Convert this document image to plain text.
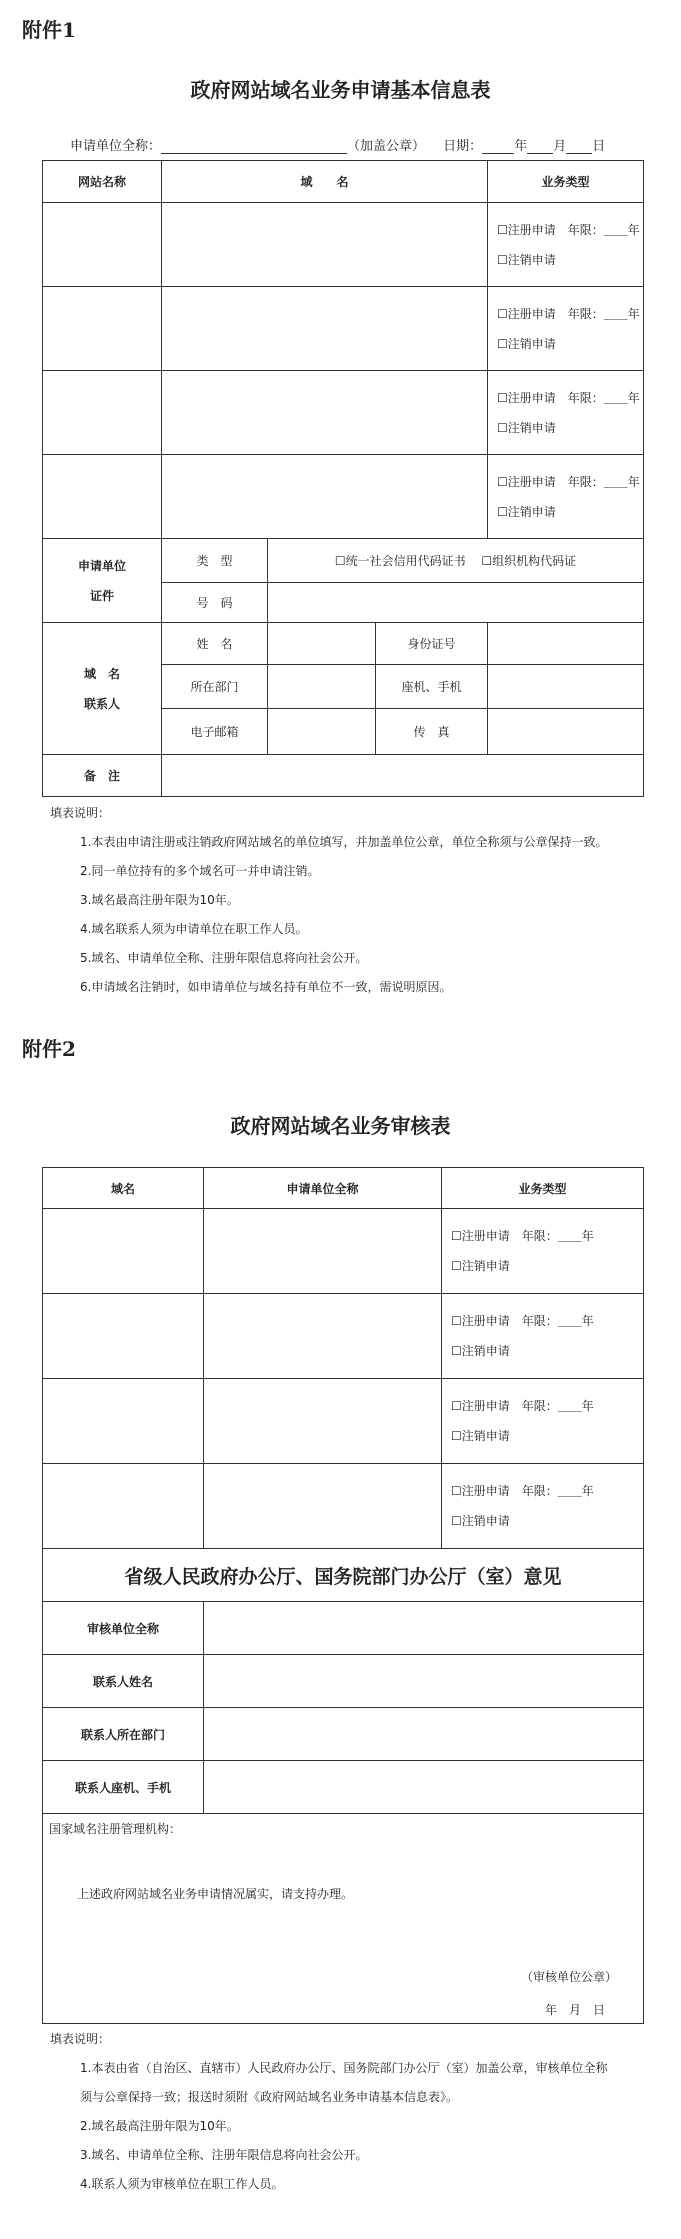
附件1
政府网站域名业务申请基本信息表
申请单位全称：	（加盖公章） 日期： 年 月 日
网站名称	域　　名			业务类型

				☐注册申请　年限：＿＿年
☐注销申请

				☐注册申请　年限：＿＿年
☐注销申请

				☐注册申请　年限：＿＿年
☐注销申请

				☐注册申请　年限：＿＿年
☐注销申请

申请单位证件	类　型	☐统一社会信用代码证书　 ☐组织机构代码证		
	号　码			
域　名
联系人	姓　名		身份证号	
	所在部门		座机、手机	
	电子邮箱		传　真	
备　注				
填表说明：
1.本表由申请注册或注销政府网站域名的单位填写，并加盖单位公章，单位全称须与公章保持一致。
2.同一单位持有的多个域名可一并申请注销。
3.域名最高注册年限为10年。
4.域名联系人须为申请单位在职工作人员。
5.域名、申请单位全称、注册年限信息将向社会公开。
6.申请域名注销时，如申请单位与域名持有单位不一致，需说明原因。
附件2
政府网站域名业务审核表
域名	申请单位全称	业务类型

		☐注册申请　年限：＿＿年
☐注销申请

		☐注册申请　年限：＿＿年
☐注销申请

		☐注册申请　年限：＿＿年
☐注销申请

		☐注册申请　年限：＿＿年
☐注销申请

省级人民政府办公厅、国务院部门办公厅（室）意见		
审核单位全称		
联系人姓名		
联系人所在部门		
联系人座机、手机		

国家域名注册管理机构：
上述政府网站域名业务申请情况属实，请支持办理。
（审核单位公章）
年　月　日		
填表说明：
1.本表由省（自治区、直辖市）人民政府办公厅、国务院部门办公厅（室）加盖公章，审核单位全称
须与公章保持一致；报送时须附《政府网站域名业务申请基本信息表》。
2.域名最高注册年限为10年。
3.域名、申请单位全称、注册年限信息将向社会公开。
4.联系人须为审核单位在职工作人员。
